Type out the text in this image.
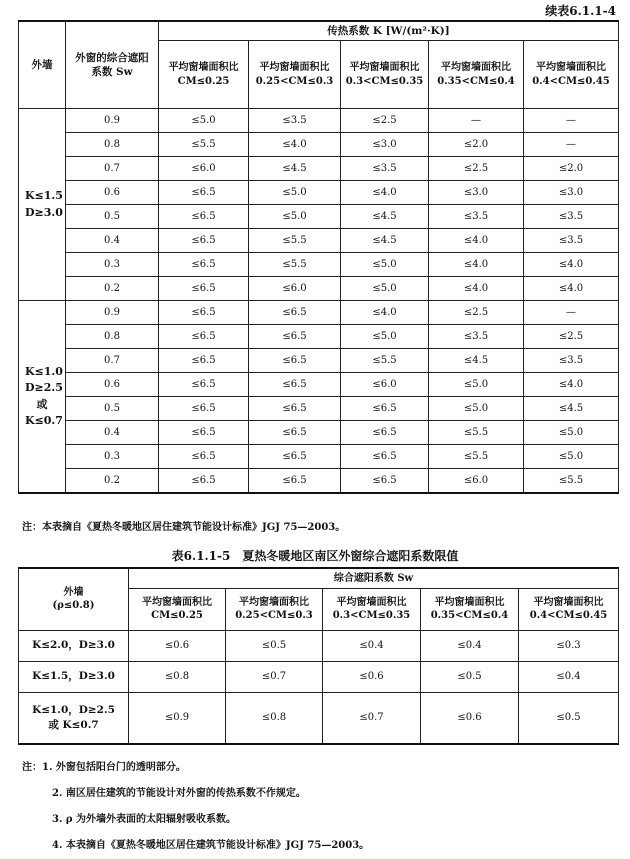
续表6.1.1-4
外墙	外窗的综合遮阳系数 Sw	传热系数 K [W/(m²·K)]				
		平均窗墙面积比 CM≤0.25	平均窗墙面积比 0.25<CM≤0.3	平均窗墙面积比 0.3<CM≤0.35	平均窗墙面积比 0.35<CM≤0.4	平均窗墙面积比 0.4<CM≤0.45
K≤1.5 D≥3.0	0.9	≤5.0	≤3.5	≤2.5	—	—
	0.8	≤5.5	≤4.0	≤3.0	≤2.0	—
	0.7	≤6.0	≤4.5	≤3.5	≤2.5	≤2.0
	0.6	≤6.5	≤5.0	≤4.0	≤3.0	≤3.0
	0.5	≤6.5	≤5.0	≤4.5	≤3.5	≤3.5
	0.4	≤6.5	≤5.5	≤4.5	≤4.0	≤3.5
	0.3	≤6.5	≤5.5	≤5.0	≤4.0	≤4.0
	0.2	≤6.5	≤6.0	≤5.0	≤4.0	≤4.0
K≤1.0 D≥2.5 或 K≤0.7	0.9	≤6.5	≤6.5	≤4.0	≤2.5	—
	0.8	≤6.5	≤6.5	≤5.0	≤3.5	≤2.5
	0.7	≤6.5	≤6.5	≤5.5	≤4.5	≤3.5
	0.6	≤6.5	≤6.5	≤6.0	≤5.0	≤4.0
	0.5	≤6.5	≤6.5	≤6.5	≤5.0	≤4.5
	0.4	≤6.5	≤6.5	≤6.5	≤5.5	≤5.0
	0.3	≤6.5	≤6.5	≤6.5	≤5.5	≤5.0
	0.2	≤6.5	≤6.5	≤6.5	≤6.0	≤5.5
注：本表摘自《夏热冬暖地区居住建筑节能设计标准》JGJ 75—2003。
表6.1.1-5　夏热冬暖地区南区外窗综合遮阳系数限值
外墙
(ρ≤0.8)	综合遮阳系数 Sw				
	平均窗墙面积比 CM≤0.25	平均窗墙面积比 0.25<CM≤0.3	平均窗墙面积比 0.3<CM≤0.35	平均窗墙面积比 0.35<CM≤0.4	平均窗墙面积比 0.4<CM≤0.45
K≤2.0，D≥3.0	≤0.6	≤0.5	≤0.4	≤0.4	≤0.3
K≤1.5，D≥3.0	≤0.8	≤0.7	≤0.6	≤0.5	≤0.4
K≤1.0，D≥2.5 或 K≤0.7	≤0.9	≤0.8	≤0.7	≤0.6	≤0.5
注：1. 外窗包括阳台门的透明部分。
2. 南区居住建筑的节能设计对外窗的传热系数不作规定。
3. ρ 为外墙外表面的太阳辐射吸收系数。
4. 本表摘自《夏热冬暖地区居住建筑节能设计标准》JGJ 75—2003。
